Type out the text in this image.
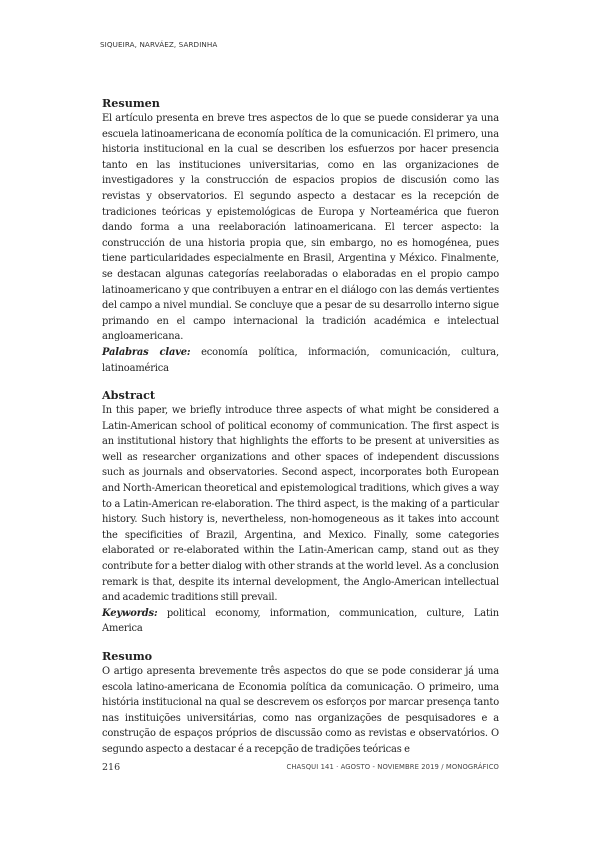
SIQUEIRA, NARVÁEZ, SARDINHA
Resumen

El artículo presenta en breve tres aspectos de lo que se puede considerar ya una escuela latinoamericana de economía política de la comunicación. El primero, una historia institucional en la cual se describen los esfuerzos por hacer presencia tanto en las instituciones universitarias, como en las organizaciones de investigadores y la construcción de espacios propios de discusión como las revistas y observatorios. El segundo aspecto a destacar es la recepción de tradiciones teóricas y epistemológicas de Europa y Norteamérica que fueron dando forma a una reelaboración latinoamericana. El tercer aspecto: la construcción de una historia propia que, sin embargo, no es homogénea, pues tiene particularidades especialmente en Brasil, Argentina y México. Finalmente, se destacan algunas categorías reelaboradas o elaboradas en el propio campo latinoamericano y que contribuyen a entrar en el diálogo con las demás vertientes del campo a nivel mundial. Se concluye que a pesar de su desarrollo interno sigue primando en el campo internacional la tradición académica e intelectual angloamericana.

Palabras clave: economía política, información, comunicación, cultura, latinoamérica

Abstract

In this paper, we briefly introduce three aspects of what might be considered a Latin-American school of political economy of communication. The first aspect is an institutional history that highlights the efforts to be present at universities as well as researcher organizations and other spaces of independent discussions such as journals and observatories. Second aspect, incorporates both European and North-American theoretical and epistemological traditions, which gives a way to a Latin-American re-elaboration. The third aspect, is the making of a particular history. Such history is, nevertheless, non-homogeneous as it takes into account the specificities of Brazil, Argentina, and Mexico. Finally, some categories elaborated or re-elaborated within the Latin-American camp, stand out as they contribute for a better dialog with other strands at the world level. As a conclusion remark is that, despite its internal development, the Anglo-American intellectual and academic traditions still prevail.

Keywords: political economy, information, communication, culture, Latin America

Resumo

O artigo apresenta brevemente três aspectos do que se pode considerar já uma escola latino-americana de Economia política da comunicação. O primeiro, uma história institucional na qual se descrevem os esforços por marcar presença tanto nas instituições universitárias, como nas organizações de pesquisadores e a construção de espaços próprios de discussão como as revistas e observatórios. O segundo aspecto a destacar é a recepção de tradições teóricas e

216	CHASQUI 141 · AGOSTO - NOVIEMBRE 2019 / MONOGRÁFICO
